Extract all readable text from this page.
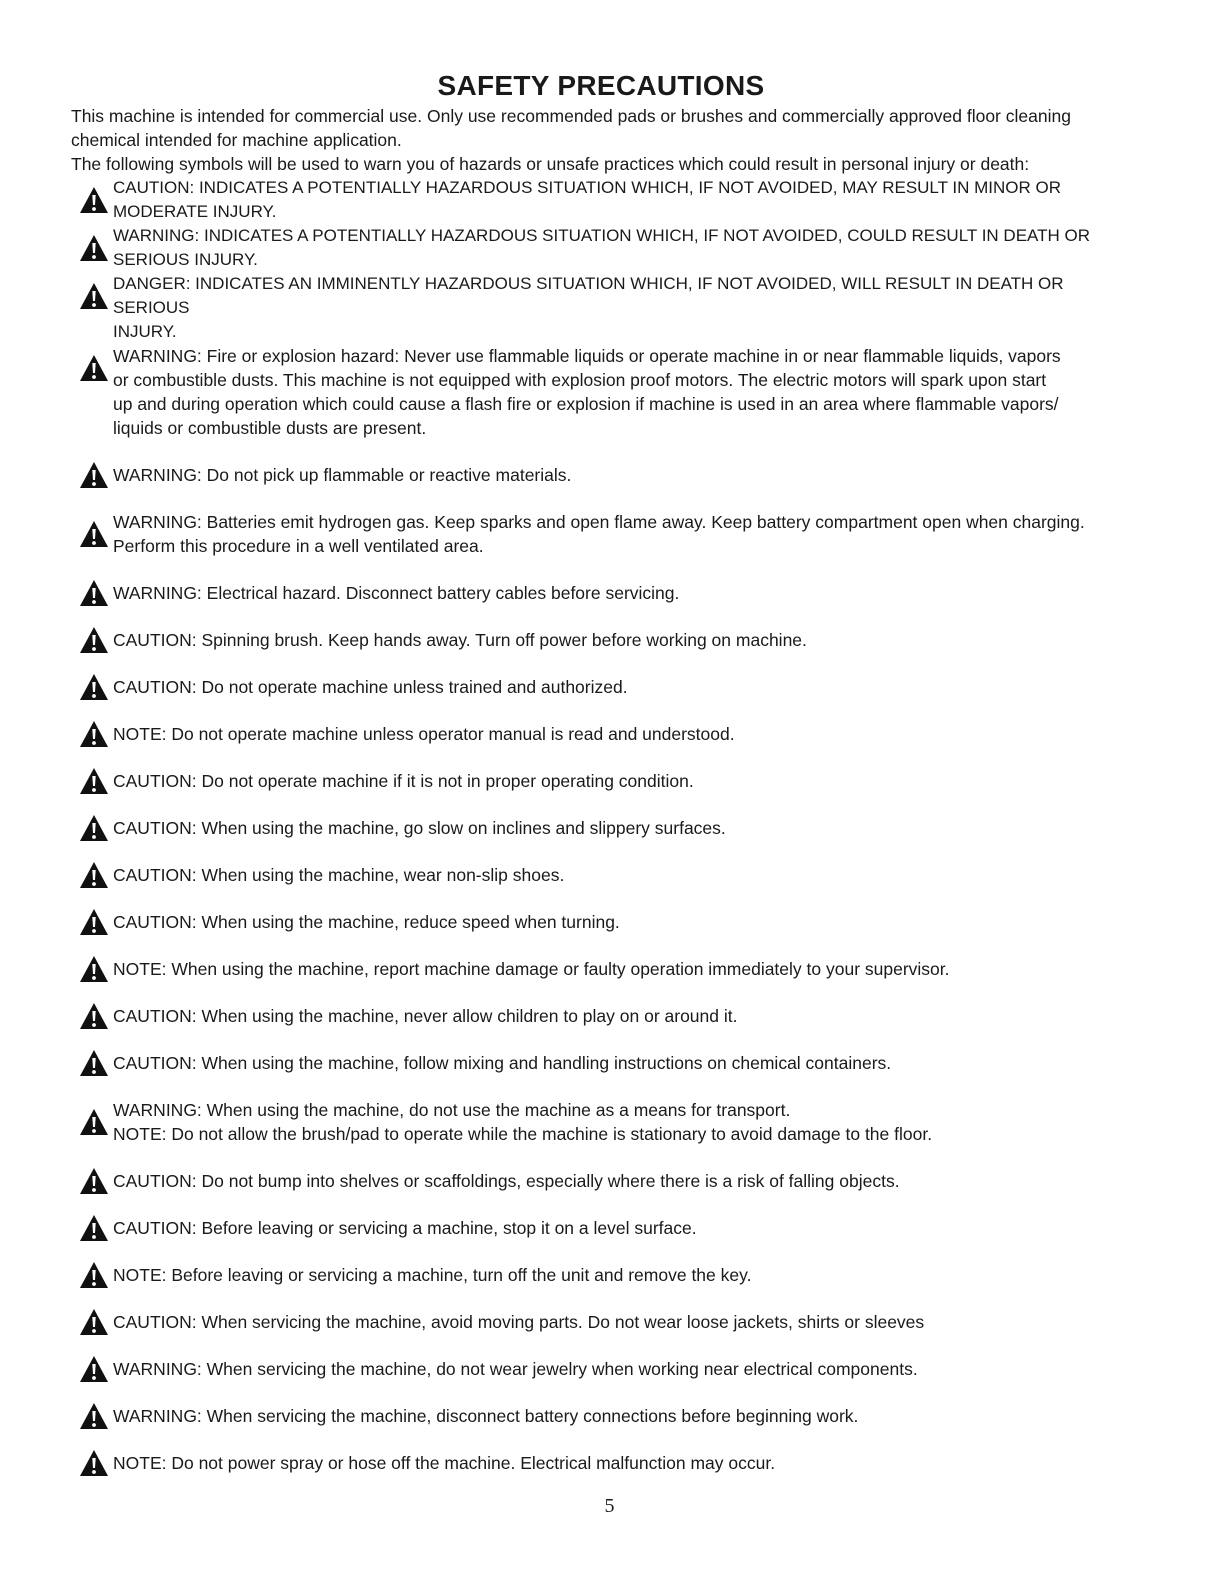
SAFETY PRECAUTIONS

This machine is intended for commercial use. Only use recommended pads or brushes and commercially approved floor cleaning chemical intended for machine application.

The following symbols will be used to warn you of hazards or unsafe practices which could result in personal injury or death:

CAUTION: INDICATES A POTENTIALLY HAZARDOUS SITUATION WHICH, IF NOT AVOIDED, MAY RESULT IN MINOR OR
MODERATE INJURY.
WARNING: INDICATES A POTENTIALLY HAZARDOUS SITUATION WHICH, IF NOT AVOIDED, COULD RESULT IN DEATH OR
SERIOUS INJURY.
DANGER: INDICATES AN IMMINENTLY HAZARDOUS SITUATION WHICH, IF NOT AVOIDED, WILL RESULT IN DEATH OR SERIOUS
INJURY.
WARNING: Fire or explosion hazard: Never use flammable liquids or operate machine in or near flammable liquids, vapors
or combustible dusts. This machine is not equipped with explosion proof motors. The electric motors will spark upon start
up and during operation which could cause a flash fire or explosion if machine is used in an area where flammable vapors/
liquids or combustible dusts are present.
WARNING: Do not pick up flammable or reactive materials.
WARNING: Batteries emit hydrogen gas. Keep sparks and open flame away. Keep battery compartment open when charging.
Perform this procedure in a well ventilated area.
WARNING: Electrical hazard. Disconnect battery cables before servicing.
CAUTION: Spinning brush. Keep hands away. Turn off power before working on machine.
CAUTION: Do not operate machine unless trained and authorized.
NOTE: Do not operate machine unless operator manual is read and understood.
CAUTION: Do not operate machine if it is not in proper operating condition.
CAUTION: When using the machine, go slow on inclines and slippery surfaces.
CAUTION: When using the machine, wear non-slip shoes.
CAUTION: When using the machine, reduce speed when turning.
NOTE: When using the machine, report machine damage or faulty operation immediately to your supervisor.
CAUTION: When using the machine, never allow children to play on or around it.
CAUTION: When using the machine, follow mixing and handling instructions on chemical containers.
WARNING: When using the machine, do not use the machine as a means for transport.
NOTE: Do not allow the brush/pad to operate while the machine is stationary to avoid damage to the floor.
CAUTION: Do not bump into shelves or scaffoldings, especially where there is a risk of falling objects.
CAUTION: Before leaving or servicing a machine, stop it on a level surface.
NOTE: Before leaving or servicing a machine, turn off the unit and remove the key.
CAUTION: When servicing the machine, avoid moving parts. Do not wear loose jackets, shirts or sleeves
WARNING: When servicing the machine, do not wear jewelry when working near electrical components.
WARNING: When servicing the machine, disconnect battery connections before beginning work.
NOTE: Do not power spray or hose off the machine. Electrical malfunction may occur.
5
